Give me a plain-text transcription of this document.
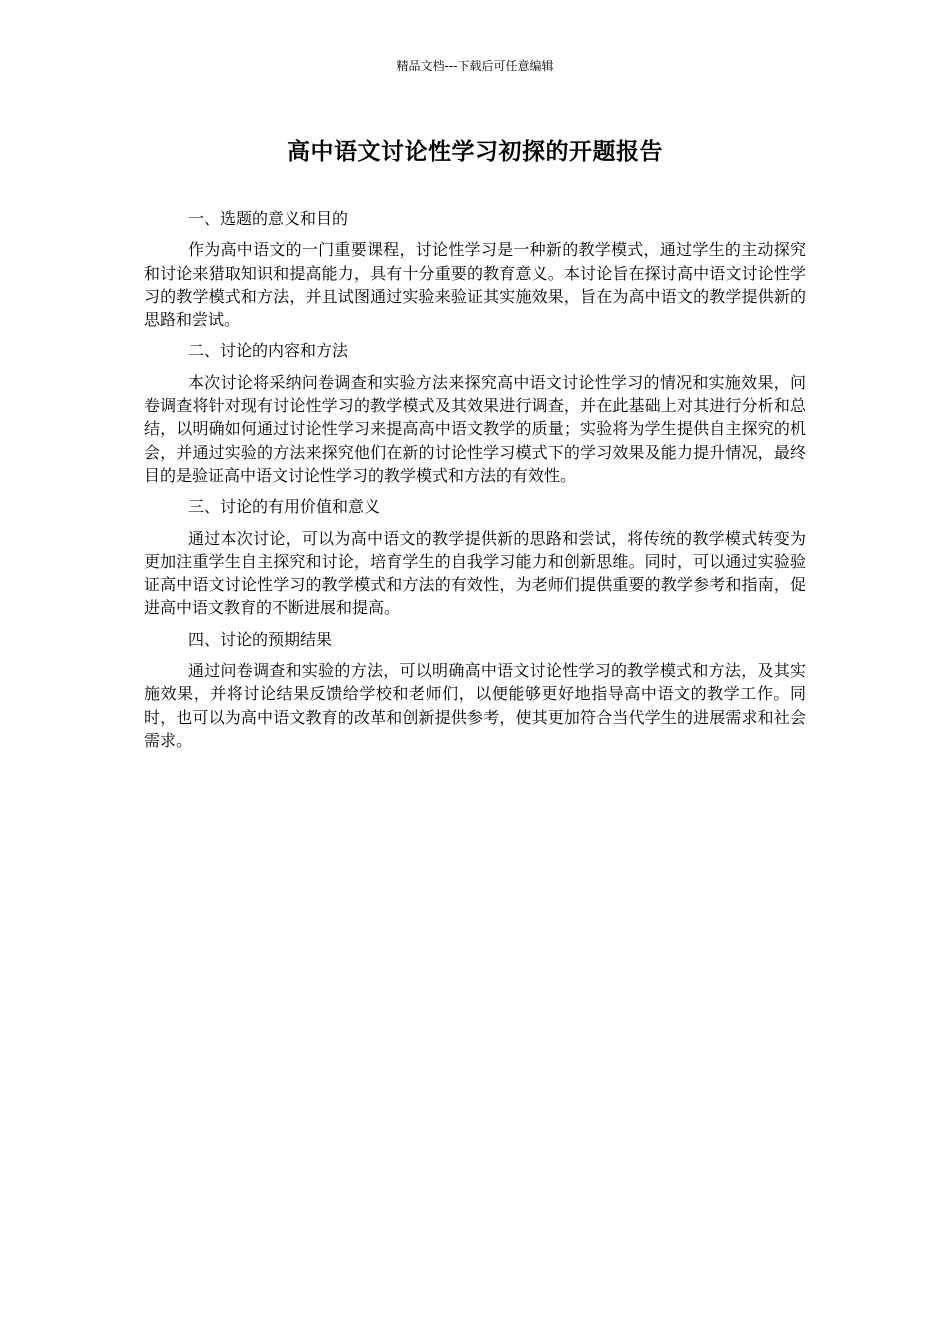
精品文档---下载后可任意编辑
高中语文讨论性学习初探的开题报告
一、选题的意义和目的

作为高中语文的一门重要课程，讨论性学习是一种新的教学模式，通过学生的主动探究和讨论来猎取知识和提高能力，具有十分重要的教育意义。本讨论旨在探讨高中语文讨论性学习的教学模式和方法，并且试图通过实验来验证其实施效果，旨在为高中语文的教学提供新的思路和尝试。

二、讨论的内容和方法

本次讨论将采纳问卷调查和实验方法来探究高中语文讨论性学习的情况和实施效果，问卷调查将针对现有讨论性学习的教学模式及其效果进行调查，并在此基础上对其进行分析和总结，以明确如何通过讨论性学习来提高高中语文教学的质量；实验将为学生提供自主探究的机会，并通过实验的方法来探究他们在新的讨论性学习模式下的学习效果及能力提升情况，最终目的是验证高中语文讨论性学习的教学模式和方法的有效性。

三、讨论的有用价值和意义

通过本次讨论，可以为高中语文的教学提供新的思路和尝试，将传统的教学模式转变为更加注重学生自主探究和讨论，培育学生的自我学习能力和创新思维。同时，可以通过实验验证高中语文讨论性学习的教学模式和方法的有效性，为老师们提供重要的教学参考和指南，促进高中语文教育的不断进展和提高。

四、讨论的预期结果

通过问卷调查和实验的方法，可以明确高中语文讨论性学习的教学模式和方法，及其实施效果，并将讨论结果反馈给学校和老师们，以便能够更好地指导高中语文的教学工作。同时，也可以为高中语文教育的改革和创新提供参考，使其更加符合当代学生的进展需求和社会需求。
